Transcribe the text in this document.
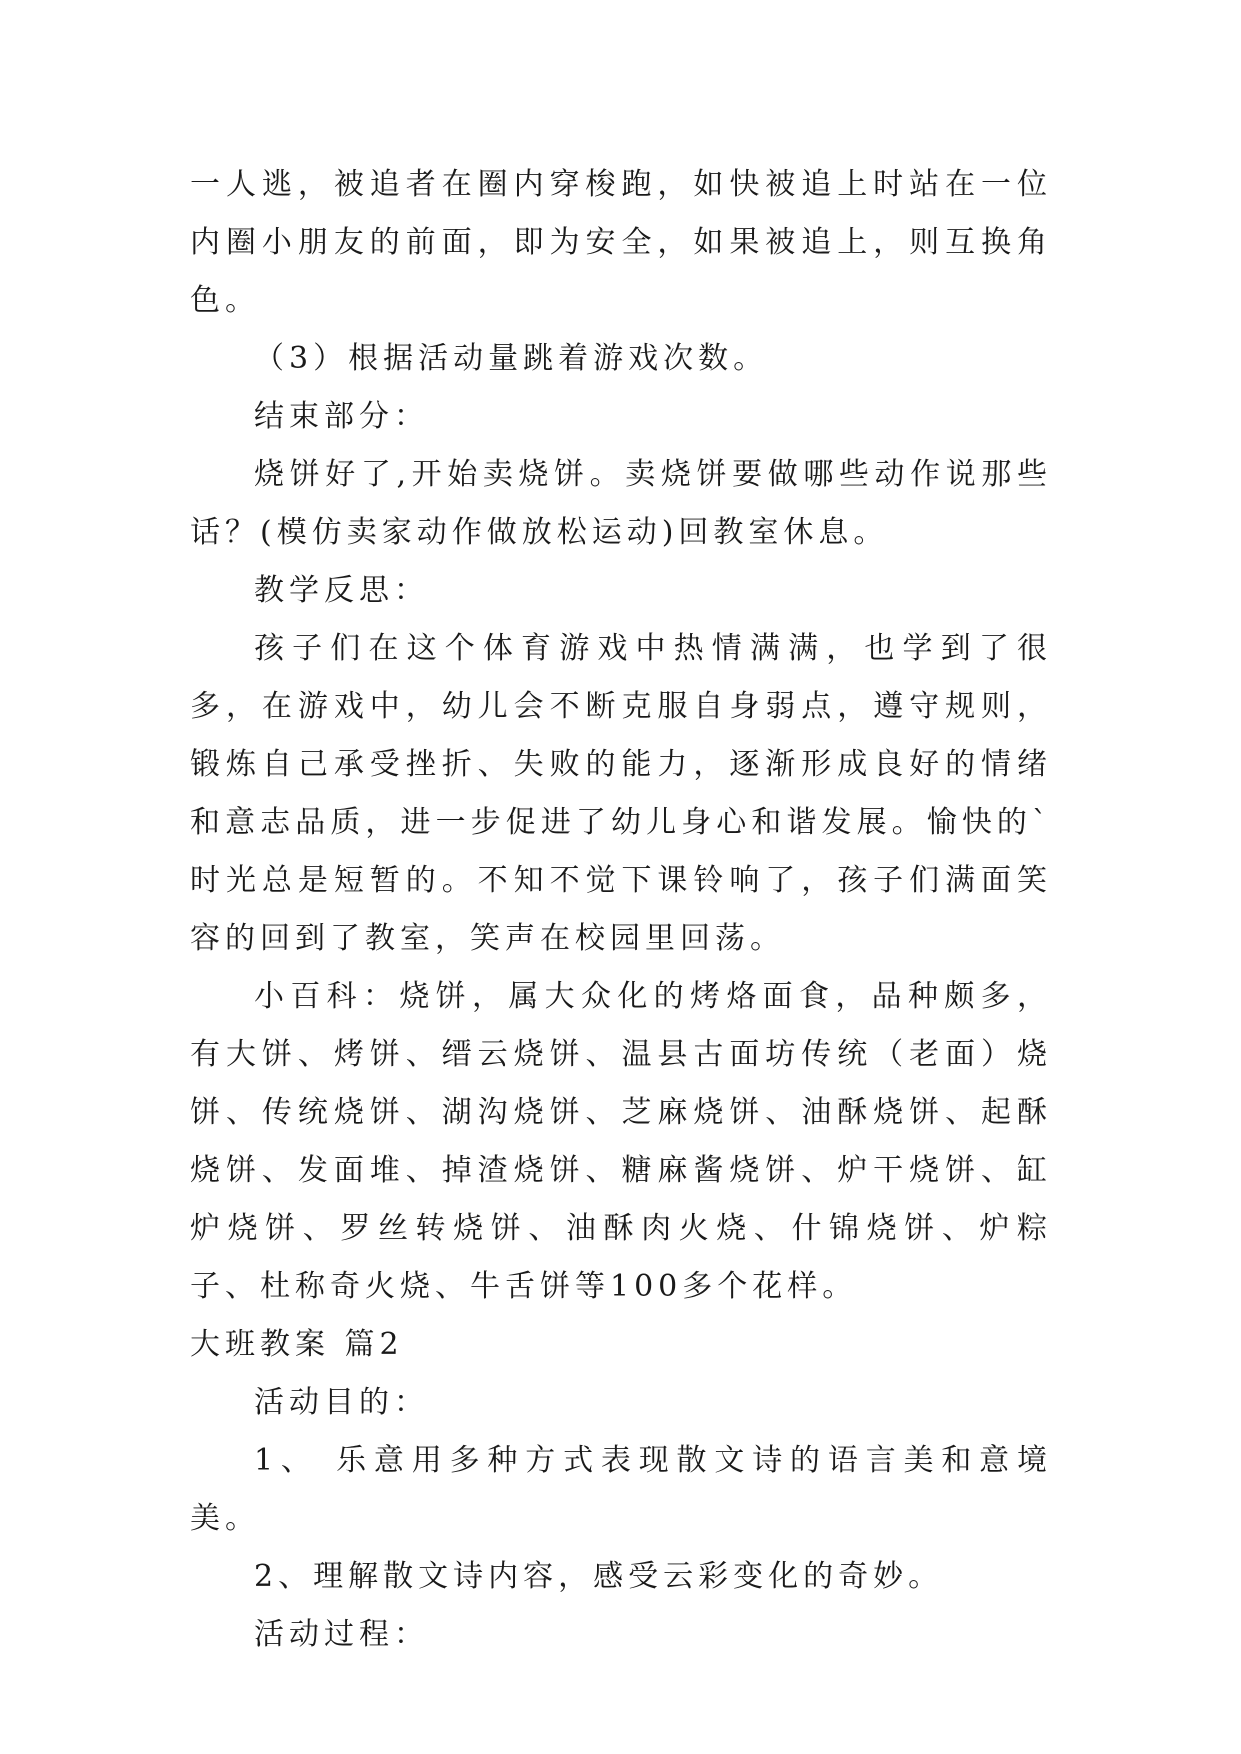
一人逃，被追者在圈内穿梭跑，如快被追上时站在一位内圈小朋友的前面，即为安全，如果被追上，则互换角色。

（3）根据活动量跳着游戏次数。

结束部分：

烧饼好了,开始卖烧饼。卖烧饼要做哪些动作说那些话？(模仿卖家动作做放松运动)回教室休息。

教学反思：

孩子们在这个体育游戏中热情满满，也学到了很多，在游戏中，幼儿会不断克服自身弱点，遵守规则，锻炼自己承受挫折、失败的能力，逐渐形成良好的情绪和意志品质，进一步促进了幼儿身心和谐发展。愉快的`时光总是短暂的。不知不觉下课铃响了，孩子们满面笑容的回到了教室，笑声在校园里回荡。

小百科：烧饼，属大众化的烤烙面食，品种颇多，有大饼、烤饼、缙云烧饼、温县古面坊传统（老面）烧饼、传统烧饼、湖沟烧饼、芝麻烧饼、油酥烧饼、起酥烧饼、发面堆、掉渣烧饼、糖麻酱烧饼、炉干烧饼、缸炉烧饼、罗丝转烧饼、油酥肉火烧、什锦烧饼、炉粽子、杜称奇火烧、牛舌饼等100多个花样。

大班教案 篇2

活动目的：

1、 乐意用多种方式表现散文诗的语言美和意境美。

2、理解散文诗内容，感受云彩变化的奇妙。

活动过程：
